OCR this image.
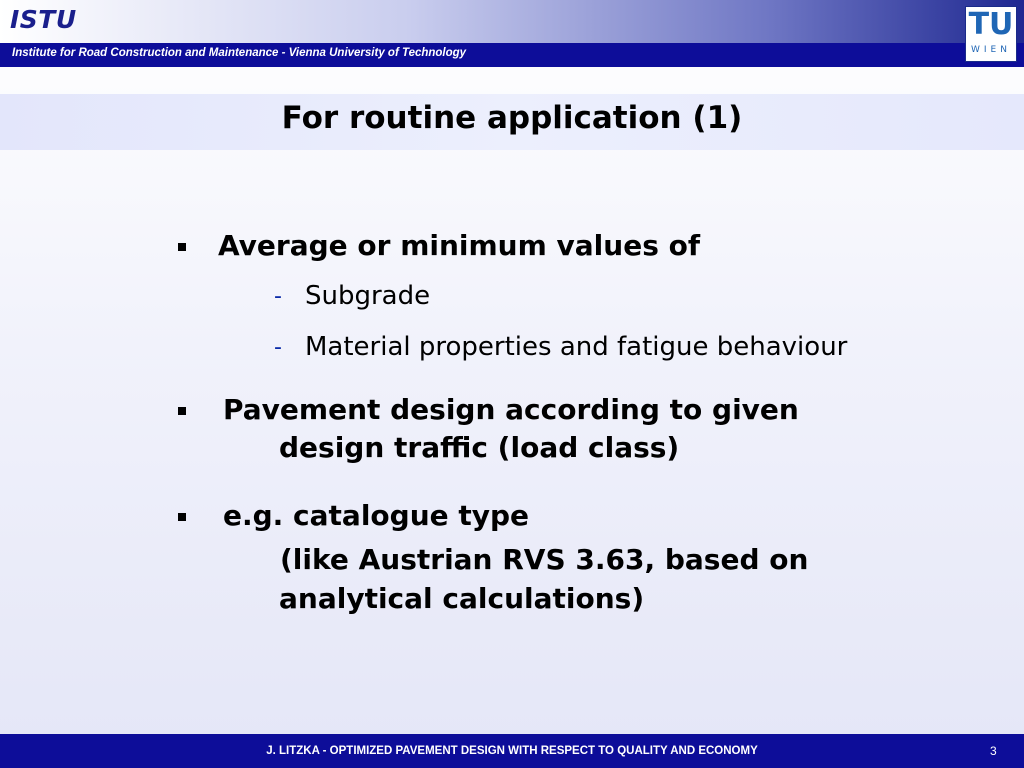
ISTU
Institute for Road Construction and Maintenance - Vienna University of Technology
TU
WIEN
For routine application (1)
Average or minimum values of
- Subgrade
- Material properties and fatigue behaviour
Pavement design according to given
design traffic (load class)
e.g. catalogue type
(like Austrian RVS 3.63, based on
analytical calculations)
J. LITZKA - OPTIMIZED PAVEMENT DESIGN WITH RESPECT TO QUALITY AND ECONOMY	3
